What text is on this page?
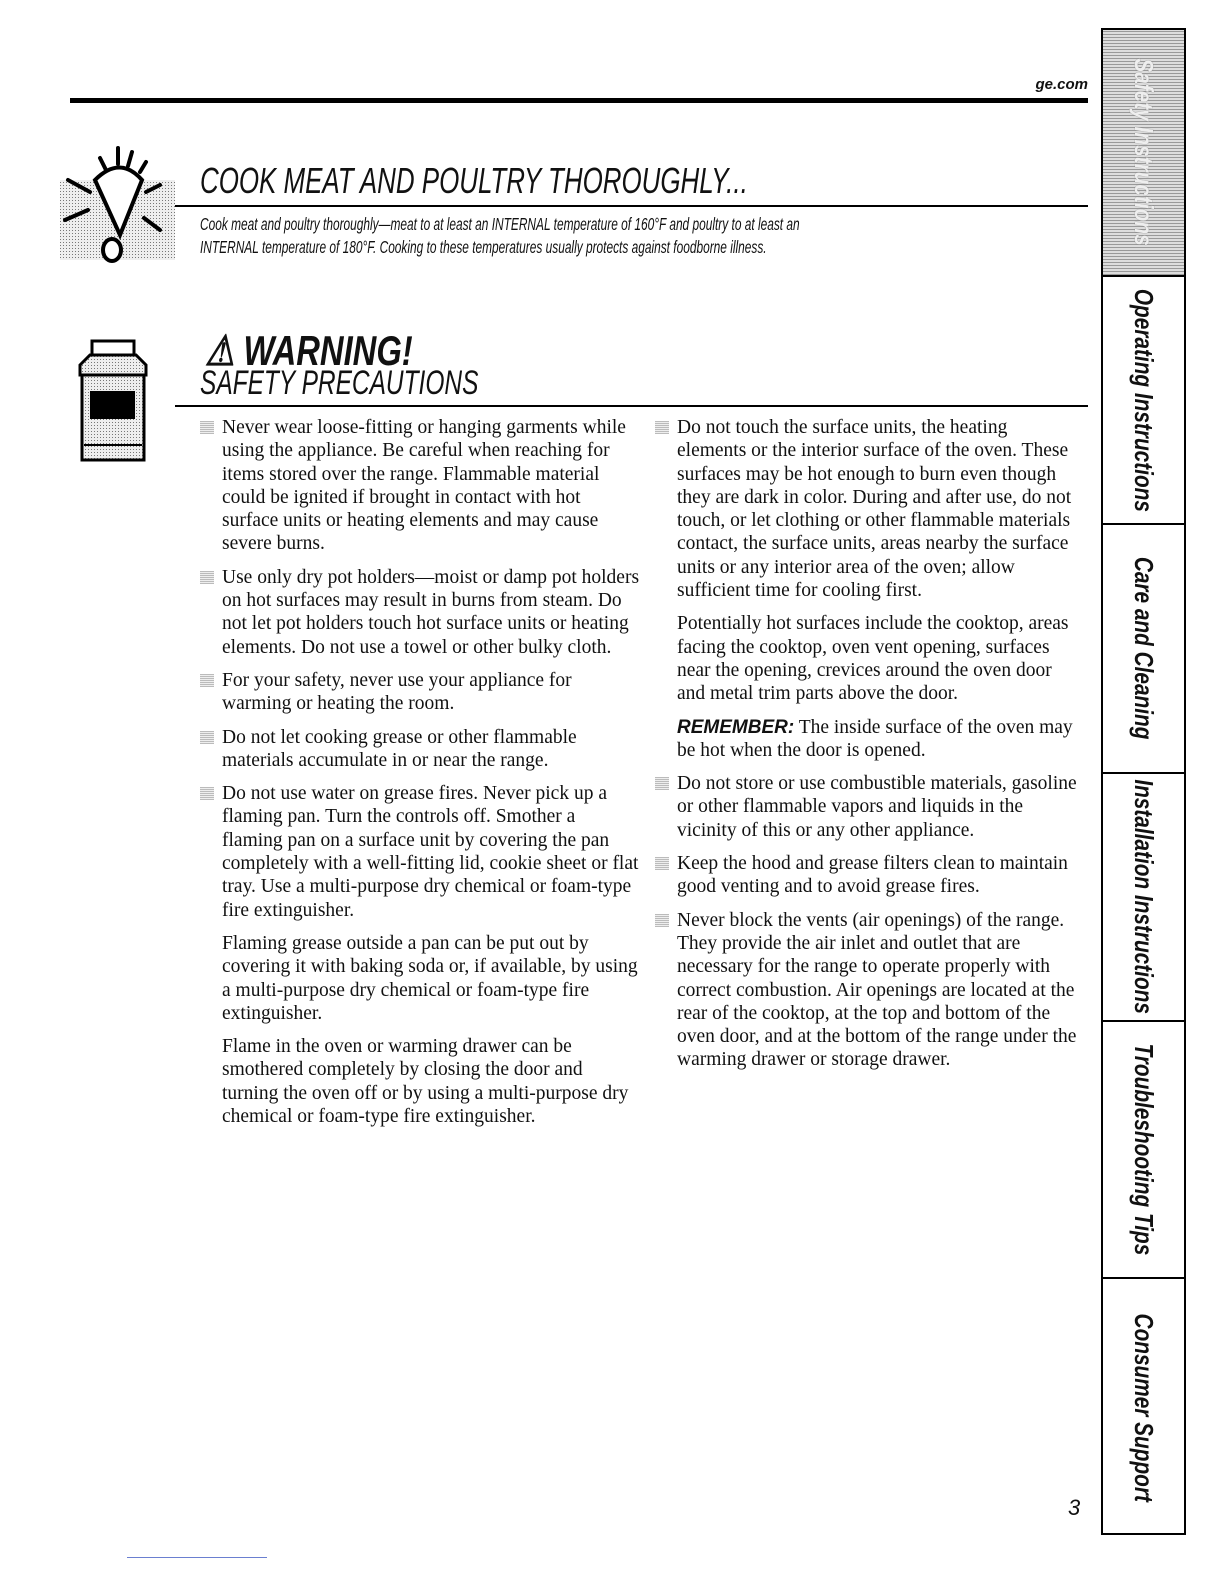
ge.com
COOK MEAT AND POULTRY THOROUGHLY...
Cook meat and poultry thoroughly—meat to at least an INTERNAL temperature of 160°F and poultry to at least an
INTERNAL temperature of 180°F. Cooking to these temperatures usually protects against foodborne illness.
⚠ WARNING!
SAFETY PRECAUTIONS

Never wear loose-fitting or hanging garments while using the appliance. Be careful when reaching for items stored over the range. Flammable material could be ignited if brought in contact with hot surface units or heating elements and may cause severe burns.

Use only dry pot holders—moist or damp pot holders on hot surfaces may result in burns from steam. Do not let pot holders touch hot surface units or heating elements. Do not use a towel or other bulky cloth.

For your safety, never use your appliance for warming or heating the room.

Do not let cooking grease or other flammable materials accumulate in or near the range.

Do not use water on grease fires. Never pick up a flaming pan. Turn the controls off. Smother a flaming pan on a surface unit by covering the pan completely with a well-fitting lid, cookie sheet or flat tray. Use a multi-purpose dry chemical or foam-type fire extinguisher.

Flaming grease outside a pan can be put out by covering it with baking soda or, if available, by using a multi-purpose dry chemical or foam-type fire extinguisher.

Flame in the oven or warming drawer can be smothered completely by closing the door and turning the oven off or by using a multi-purpose dry chemical or foam-type fire extinguisher.

Do not touch the surface units, the heating elements or the interior surface of the oven. These surfaces may be hot enough to burn even though they are dark in color. During and after use, do not touch, or let clothing or other flammable materials contact, the surface units, areas nearby the surface units or any interior area of the oven; allow sufficient time for cooling first.

Potentially hot surfaces include the cooktop, areas facing the cooktop, oven vent opening, surfaces near the opening, crevices around the oven door and metal trim parts above the door.

REMEMBER: The inside surface of the oven may be hot when the door is opened.

Do not store or use combustible materials, gasoline or other flammable vapors and liquids in the vicinity of this or any other appliance.

Keep the hood and grease filters clean to maintain good venting and to avoid grease fires.

Never block the vents (air openings) of the range. They provide the air inlet and outlet that are necessary for the range to operate properly with correct combustion. Air openings are located at the rear of the cooktop, at the top and bottom of the oven door, and at the bottom of the range under the warming drawer or storage drawer.

Safety Instructions
Operating Instructions
Care and Cleaning
Installation Instructions
Troubleshooting Tips
Consumer Support
3
